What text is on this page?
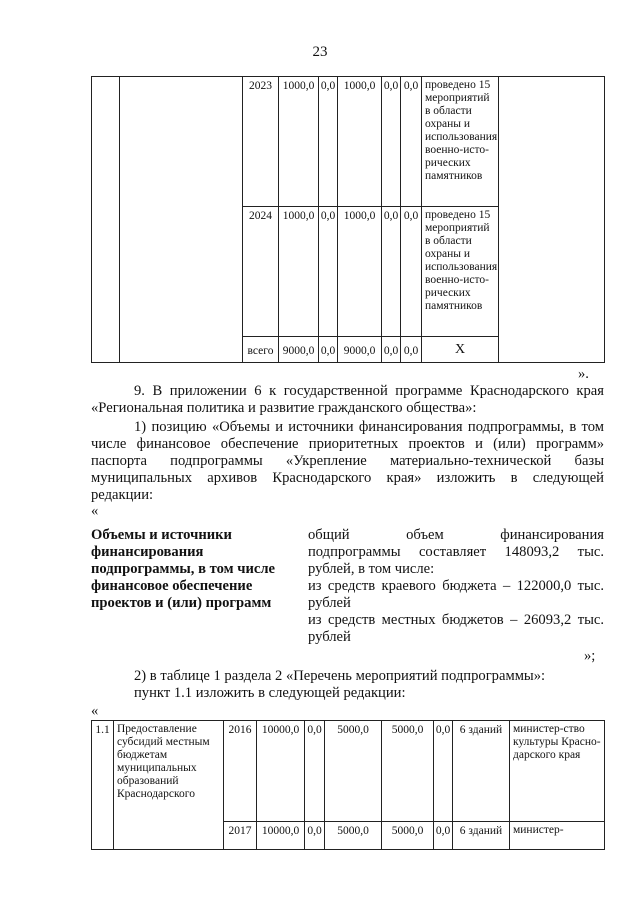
23
		2023	1000,0	0,0	1000,0	0,0	0,0	проведено 15 мероприятий в области охраны и использования военно-исто-рических памятников	
		2024	1000,0	0,0	1000,0	0,0	0,0	проведено 15 мероприятий в области охраны и использования военно-исто-рических памятников	
		всего	9000,0	0,0	9000,0	0,0	0,0	Х	
».
9. В приложении 6 к государственной программе Краснодарского края
«Региональная политика и развитие гражданского общества»:
1) позицию «Объемы и источники финансирования подпрограммы, в том
числе финансовое обеспечение приоритетных проектов и (или) программ»
паспорта подпрограммы «Укрепление материально-технической базы
муниципальных архивов Краснодарского края» изложить в следующей
редакции:
«
Объемы и источники
финансирования
подпрограммы, в том числе
финансовое обеспечение
проектов и (или) программ
общий объем финансирования
подпрограммы составляет 148093,2 тыс.
рублей, в том числе:
из средств краевого бюджета – 122000,0 тыс.
рублей
из средств местных бюджетов – 26093,2 тыс.
рублей
»;
2) в таблице 1 раздела 2 «Перечень мероприятий подпрограммы»:
пункт 1.1 изложить в следующей редакции:
«
1.1	Предоставление субсидий местным бюджетам муниципальных образований Краснодарского	2016	10000,0	0,0	5000,0	5000,0	0,0	6 зданий	министер-ство культуры Красно-дарского края
		2017	10000,0	0,0	5000,0	5000,0	0,0	6 зданий	министер-
